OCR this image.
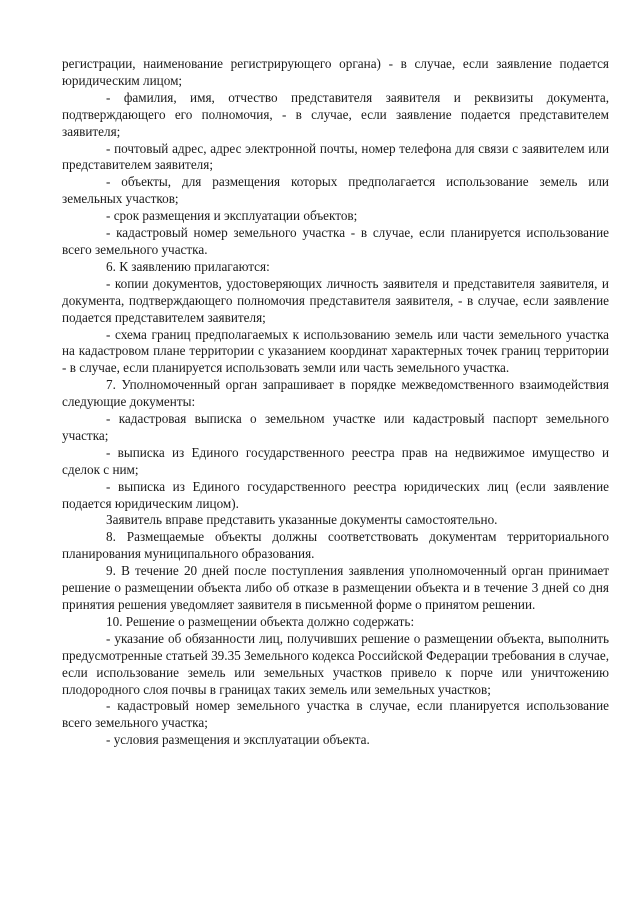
регистрации, наименование регистрирующего органа) - в случае, если заявление подается юридическим лицом;

- фамилия, имя, отчество представителя заявителя и реквизиты документа, подтверждающего его полномочия, - в случае, если заявление подается представителем заявителя;

- почтовый адрес, адрес электронной почты, номер телефона для связи с заявителем или представителем заявителя;

- объекты, для размещения которых предполагается использование земель или земельных участков;

- срок размещения и эксплуатации объектов;

- кадастровый номер земельного участка - в случае, если планируется использование всего земельного участка.

6. К заявлению прилагаются:

- копии документов, удостоверяющих личность заявителя и представителя заявителя, и документа, подтверждающего полномочия представителя заявителя, - в случае, если заявление подается представителем заявителя;

- схема границ предполагаемых к использованию земель или части земельного участка на кадастровом плане территории с указанием координат характерных точек границ территории - в случае, если планируется использовать земли или часть земельного участка.

7. Уполномоченный орган запрашивает в порядке межведомственного взаимодействия следующие документы:

- кадастровая выписка о земельном участке или кадастровый паспорт земельного участка;

- выписка из Единого государственного реестра прав на недвижимое имущество и сделок с ним;

- выписка из Единого государственного реестра юридических лиц (если заявление подается юридическим лицом).

Заявитель вправе представить указанные документы самостоятельно.

8. Размещаемые объекты должны соответствовать документам территориального планирования муниципального образования.

9. В течение 20 дней после поступления заявления уполномоченный орган принимает решение о размещении объекта либо об отказе в размещении объекта и в течение 3 дней со дня принятия решения уведомляет заявителя в письменной форме о принятом решении.

10. Решение о размещении объекта должно содержать:

- указание об обязанности лиц, получивших решение о размещении объекта, выполнить предусмотренные статьей 39.35 Земельного кодекса Российской Федерации требования в случае, если использование земель или земельных участков привело к порче или уничтожению плодородного слоя почвы в границах таких земель или земельных участков;

- кадастровый номер земельного участка в случае, если планируется использование всего земельного участка;

- условия размещения и эксплуатации объекта.
